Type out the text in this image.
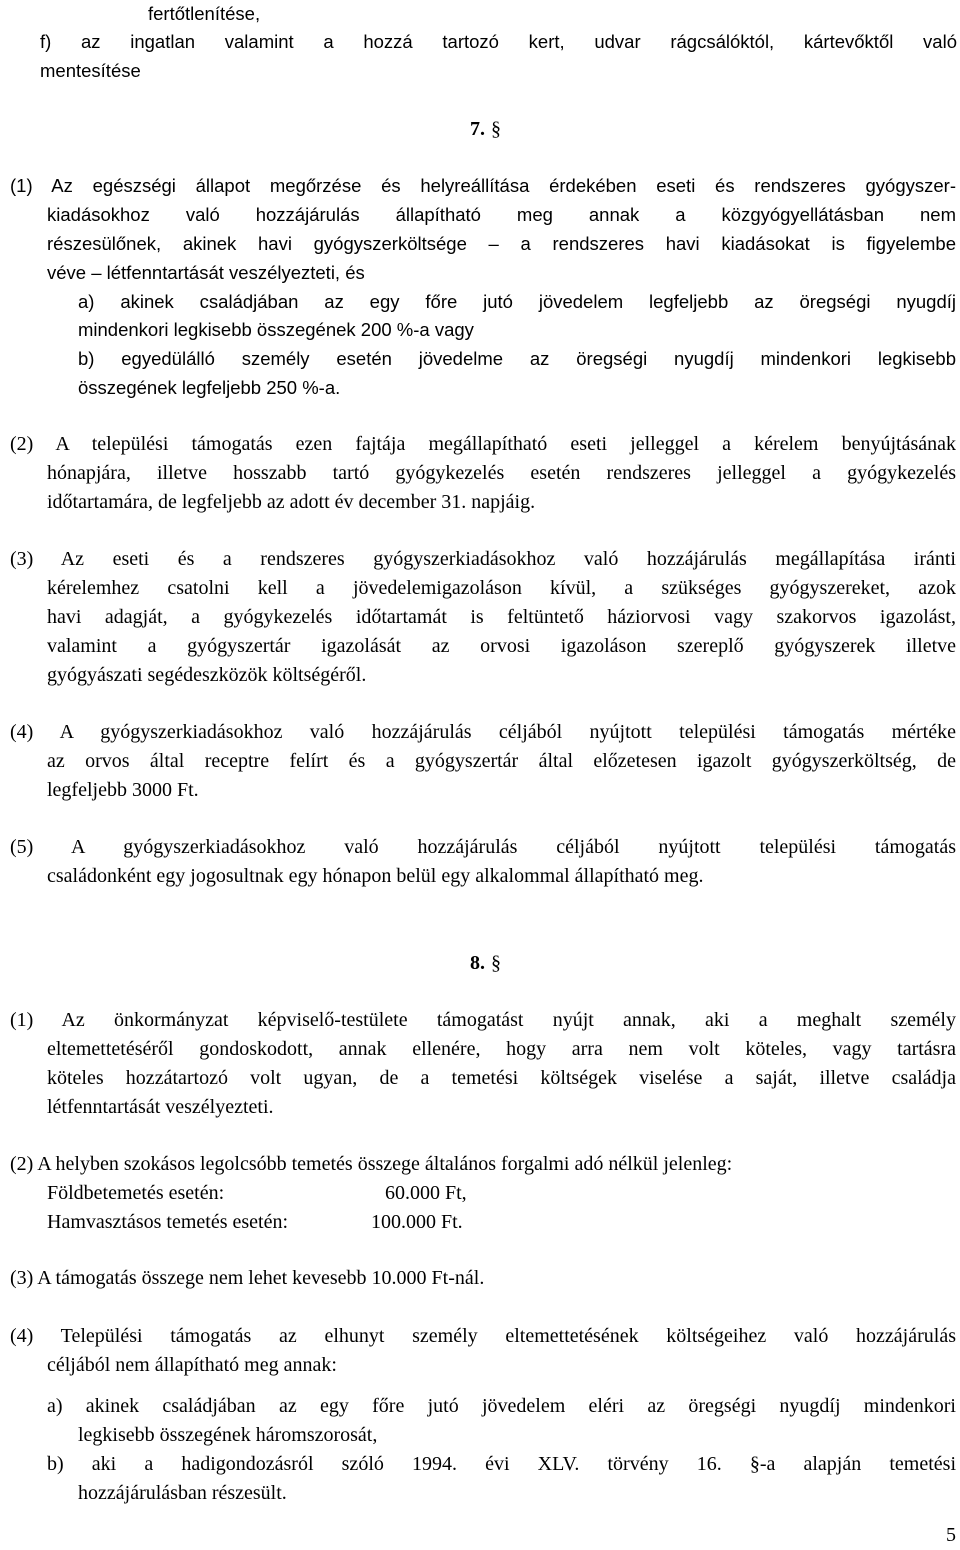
fertőtlenítése,
f) az ingatlan valamint a hozzá tartozó kert, udvar rágcsálóktól, kártevőktől való
mentesítése
7. §
(1) Az egészségi állapot megőrzése és helyreállítása érdekében eseti és rendszeres gyógyszer-
kiadásokhoz való hozzájárulás állapítható meg annak a közgyógyellátásban nem
részesülőnek, akinek havi gyógyszerköltsége – a rendszeres havi kiadásokat is figyelembe
véve – létfenntartását veszélyezteti, és
a) akinek családjában az egy főre jutó jövedelem legfeljebb az öregségi nyugdíj
mindenkori legkisebb összegének 200 %-a vagy
b) egyedülálló személy esetén jövedelme az öregségi nyugdíj mindenkori legkisebb
összegének legfeljebb 250 %-a.
(2) A települési támogatás ezen fajtája megállapítható eseti jelleggel a kérelem benyújtásának
hónapjára, illetve hosszabb tartó gyógykezelés esetén rendszeres jelleggel a gyógykezelés
időtartamára, de legfeljebb az adott év december 31. napjáig.
(3) Az eseti és a rendszeres gyógyszerkiadásokhoz való hozzájárulás megállapítása iránti
kérelemhez csatolni kell a jövedelemigazoláson kívül, a szükséges gyógyszereket, azok
havi adagját, a gyógykezelés időtartamát is feltüntető háziorvosi vagy szakorvos igazolást,
valamint a gyógyszertár igazolását az orvosi igazoláson szereplő gyógyszerek illetve
gyógyászati segédeszközök költségéről.
(4) A gyógyszerkiadásokhoz való hozzájárulás céljából nyújtott települési támogatás mértéke
az orvos által receptre felírt és a gyógyszertár által előzetesen igazolt gyógyszerköltség, de
legfeljebb 3000 Ft.
(5) A gyógyszerkiadásokhoz való hozzájárulás céljából nyújtott települési támogatás
családonként egy jogosultnak egy hónapon belül egy alkalommal állapítható meg.
8. §
(1) Az önkormányzat képviselő-testülete támogatást nyújt annak, aki a meghalt személy
eltemettetéséről gondoskodott, annak ellenére, hogy arra nem volt köteles, vagy tartásra
köteles hozzátartozó volt ugyan, de a temetési költségek viselése a saját, illetve családja
létfenntartását veszélyezteti.
(2) A helyben szokásos legolcsóbb temetés összege általános forgalmi adó nélkül jelenleg:
Földbetemetés esetén:	60.000 Ft,
Hamvasztásos temetés esetén:	100.000 Ft.
(3) A támogatás összege nem lehet kevesebb 10.000 Ft-nál.
(4) Települési támogatás az elhunyt személy eltemettetésének költségeihez való hozzájárulás
céljából nem állapítható meg annak:
a) akinek családjában az egy főre jutó jövedelem eléri az öregségi nyugdíj mindenkori
legkisebb összegének háromszorosát,
b) aki a hadigondozásról szóló 1994. évi XLV. törvény 16. §-a alapján temetési
hozzájárulásban részesült.
5
